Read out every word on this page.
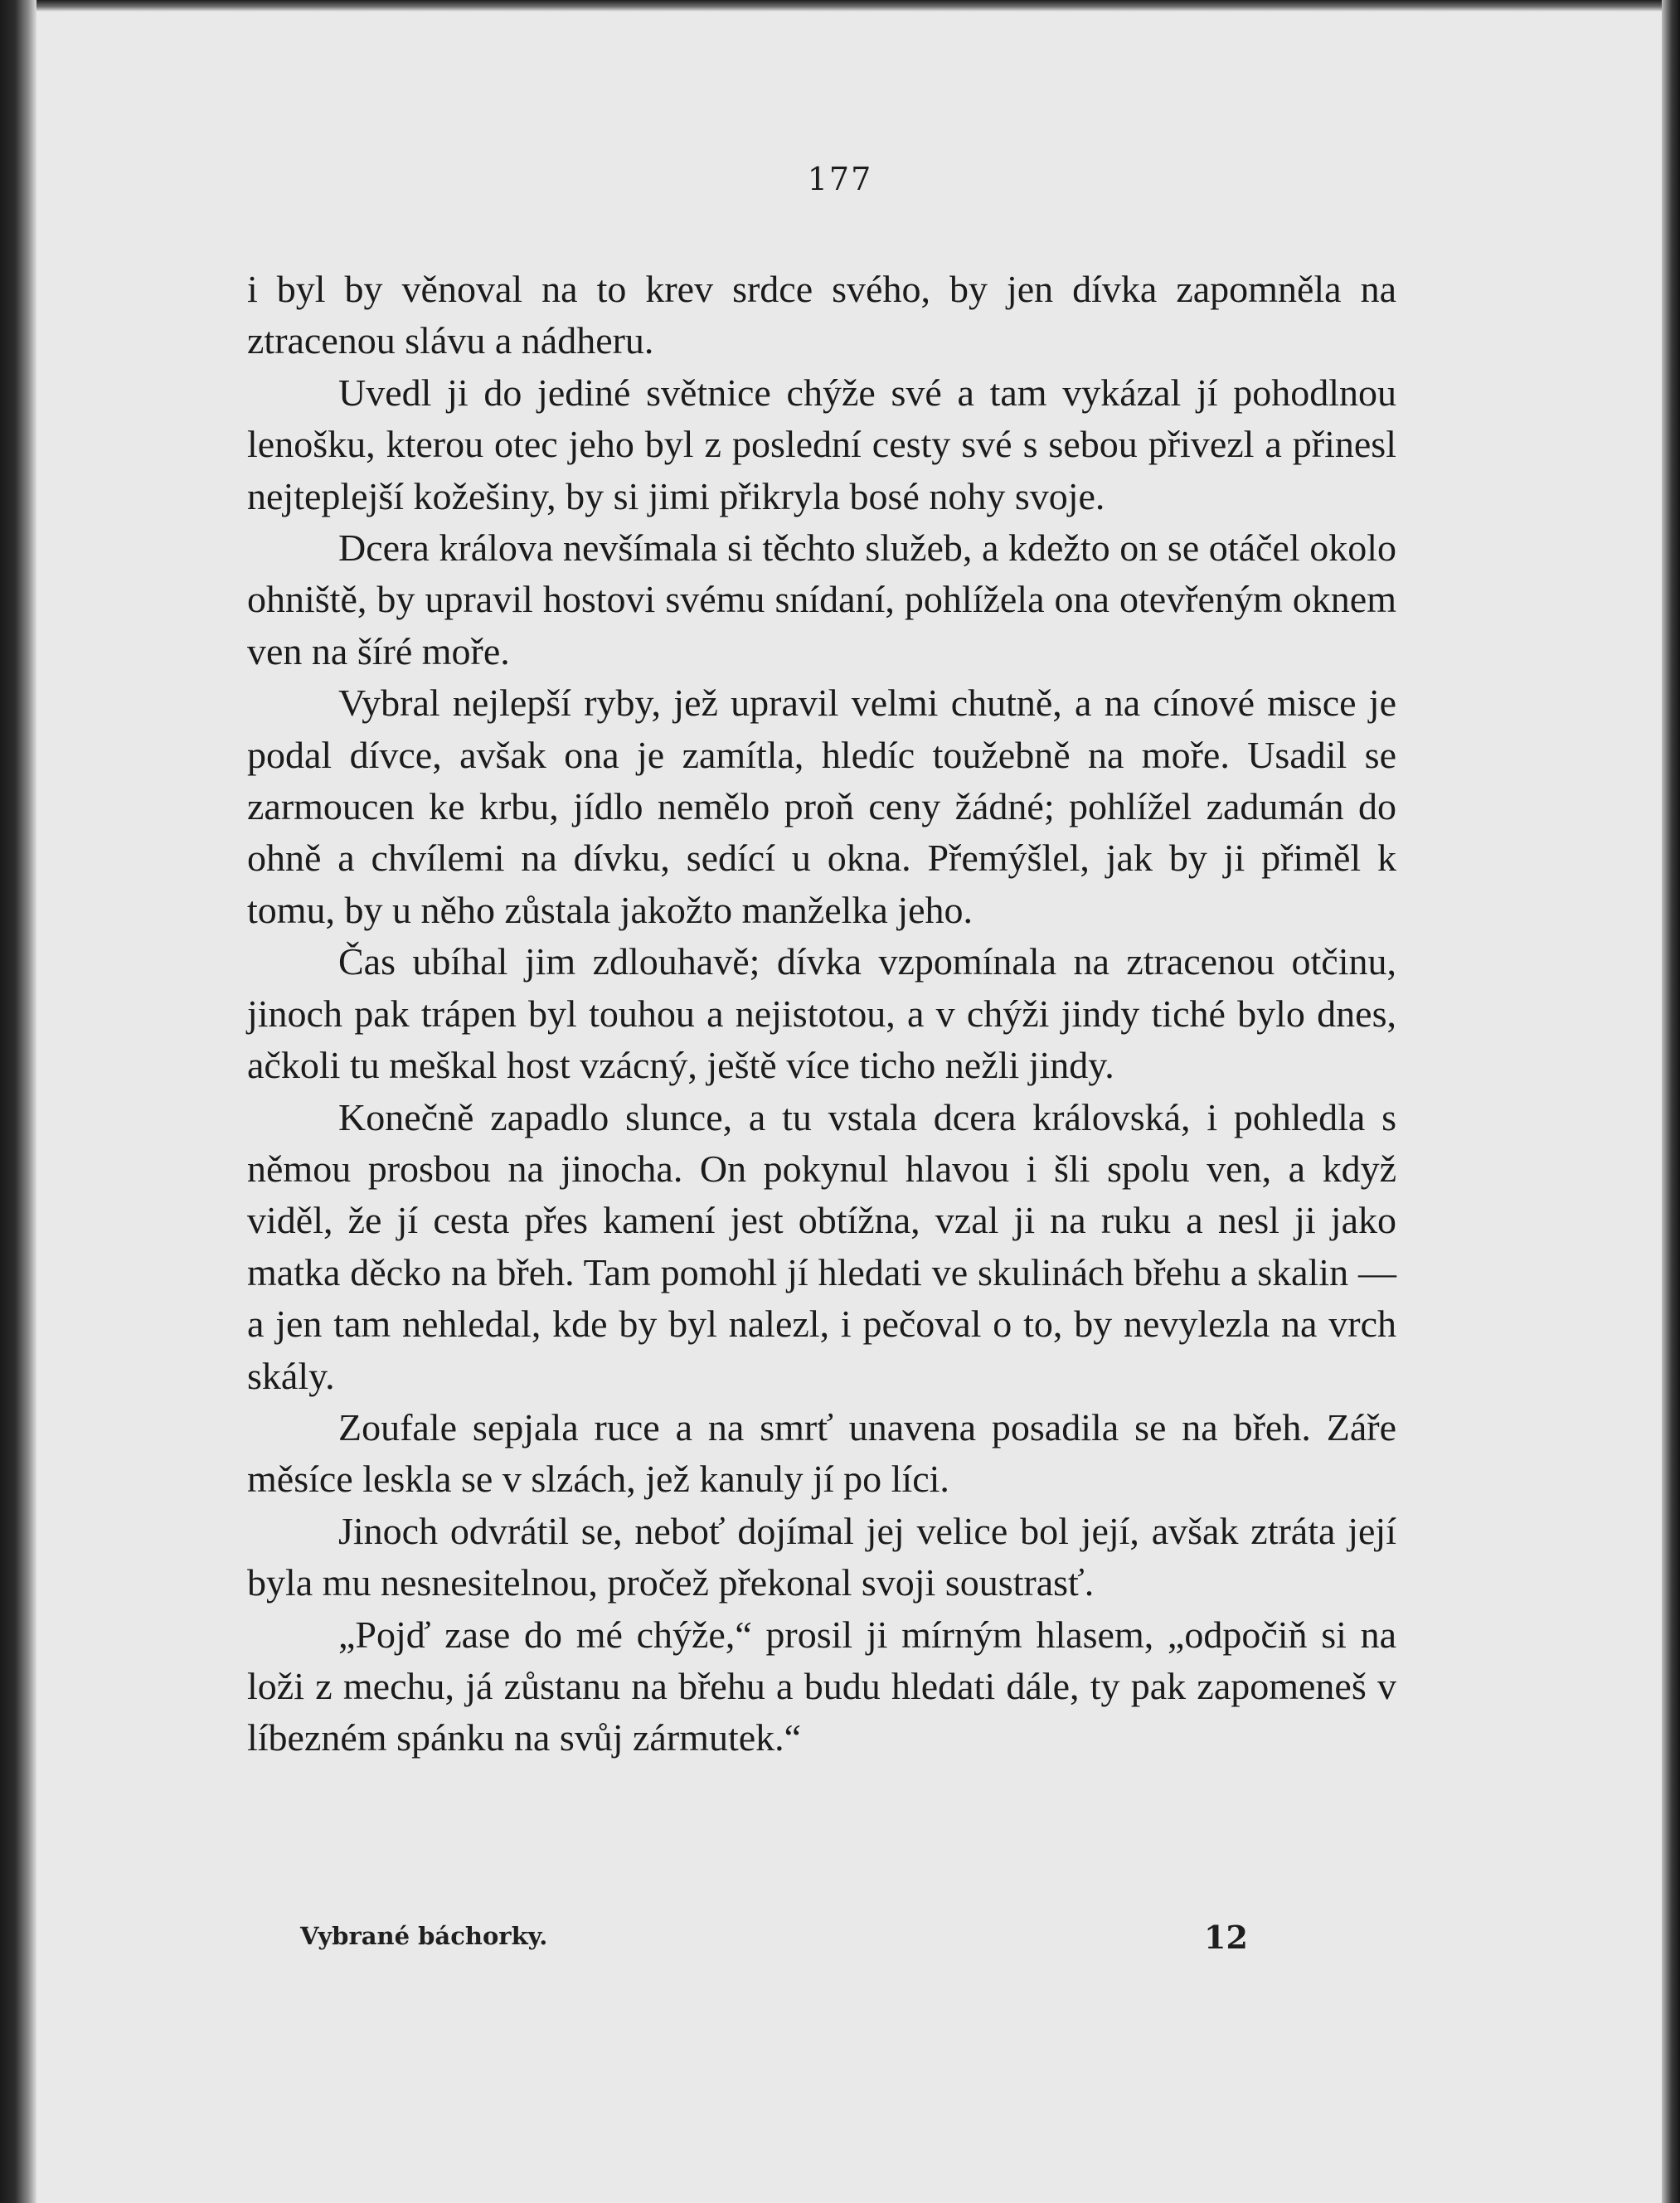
177

i byl by věnoval na to krev srdce svého, by jen dívka zapomněla na ztracenou slávu a nádheru.

Uvedl ji do jediné světnice chýže své a tam vykázal jí pohodlnou lenošku, kterou otec jeho byl z poslední cesty své s sebou přivezl a přinesl nejteplejší kožešiny, by si jimi přikryla bosé nohy svoje.

Dcera králova nevšímala si těchto služeb, a kdežto on se otáčel okolo ohniště, by upravil hostovi svému snídaní, pohlížela ona otevřeným oknem ven na šíré moře.

Vybral nejlepší ryby, jež upravil velmi chutně, a na cínové misce je podal dívce, avšak ona je zamítla, hledíc toužebně na moře. Usadil se zarmoucen ke krbu, jídlo nemělo proň ceny žádné; pohlížel zadumán do ohně a chvílemi na dívku, sedící u okna. Přemýšlel, jak by ji přiměl k tomu, by u něho zůstala jakožto manželka jeho.

Čas ubíhal jim zdlouhavě; dívka vzpomínala na ztracenou otčinu, jinoch pak trápen byl touhou a nejistotou, a v chýži jindy tiché bylo dnes, ačkoli tu meškal host vzácný, ještě více ticho nežli jindy.

Konečně zapadlo slunce, a tu vstala dcera královská, i pohledla s němou prosbou na jinocha. On pokynul hlavou i šli spolu ven, a když viděl, že jí cesta přes kamení jest obtížna, vzal ji na ruku a nesl ji jako matka děcko na břeh. Tam pomohl jí hledati ve skulinách břehu a skalin — a jen tam nehledal, kde by byl nalezl, i pečoval o to, by nevylezla na vrch skály.

Zoufale sepjala ruce a na smrť unavena posadila se na břeh. Záře měsíce leskla se v slzách, jež kanuly jí po líci.

Jinoch odvrátil se, neboť dojímal jej velice bol její, avšak ztráta její byla mu nesnesitelnou, pročež překonal svoji soustrasť.

„Pojď zase do mé chýže,“ prosil ji mírným hlasem, „odpočiň si na loži z mechu, já zůstanu na břehu a budu hledati dále, ty pak zapomeneš v líbezném spánku na svůj zármutek.“

Vybrané báchorky.	12
